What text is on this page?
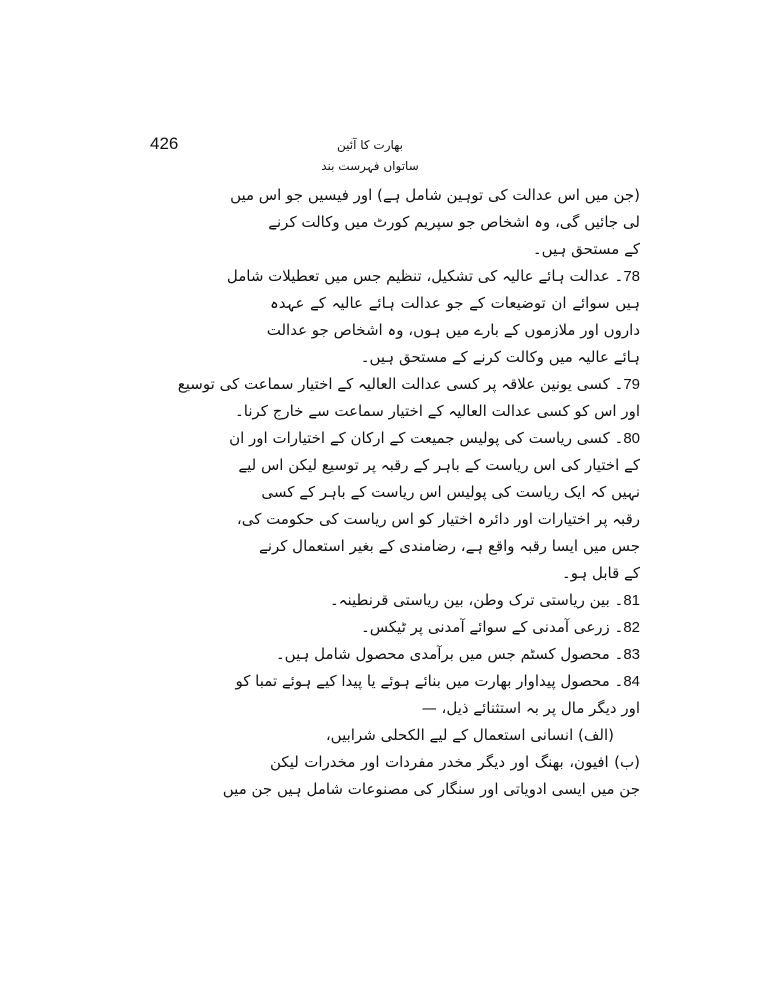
426	بھارت کا آئین
ساتواں فہرست بند
(جن میں اس عدالت کی توہین شامل ہے) اور فیسیں جو اس میں
لی جائیں گی، وہ اشخاص جو سپریم کورٹ میں وکالت کرنے
کے مستحق ہیں۔
78۔ عدالت ہائے عالیہ کی تشکیل، تنظیم جس میں تعطیلات شامل
ہیں سوائے ان توضیعات کے جو عدالت ہائے عالیہ کے عہدہ
داروں اور ملازموں کے بارے میں ہوں، وہ اشخاص جو عدالت
ہائے عالیہ میں وکالت کرنے کے مستحق ہیں۔
79۔ کسی یونین علاقہ پر کسی عدالت العالیہ کے اختیار سماعت کی توسیع
اور اس کو کسی عدالت العالیہ کے اختیار سماعت سے خارج کرنا۔
80۔ کسی ریاست کی پولیس جمیعت کے ارکان کے اختیارات اور ان
کے اختیار کی اس ریاست کے باہر کے رقبہ پر توسیع لیکن اس لیے
نہیں کہ ایک ریاست کی پولیس اس ریاست کے باہر کے کسی
رقبہ پر اختیارات اور دائرہ اختیار کو اس ریاست کی حکومت کی،
جس میں ایسا رقبہ واقع ہے، رضامندی کے بغیر استعمال کرنے
کے قابل ہو۔
81۔ بین ریاستی ترک وطن، بین ریاستی قرنطینہ۔
82۔ زرعی آمدنی کے سوائے آمدنی پر ٹیکس۔
83۔ محصول کسٹم جس میں برآمدی محصول شامل ہیں۔
84۔ محصول پیداوار بھارت میں بنائے ہوئے یا پیدا کیے ہوئے تمبا کو
اور دیگر مال پر بہ استثنائے ذیل، —
(الف) انسانی استعمال کے لیے الکحلی شرابیں،
(ب) افیون، بھنگ اور دیگر مخدر مفردات اور مخدرات لیکن
جن میں ایسی ادویاتی اور سنگار کی مصنوعات شامل ہیں جن میں
